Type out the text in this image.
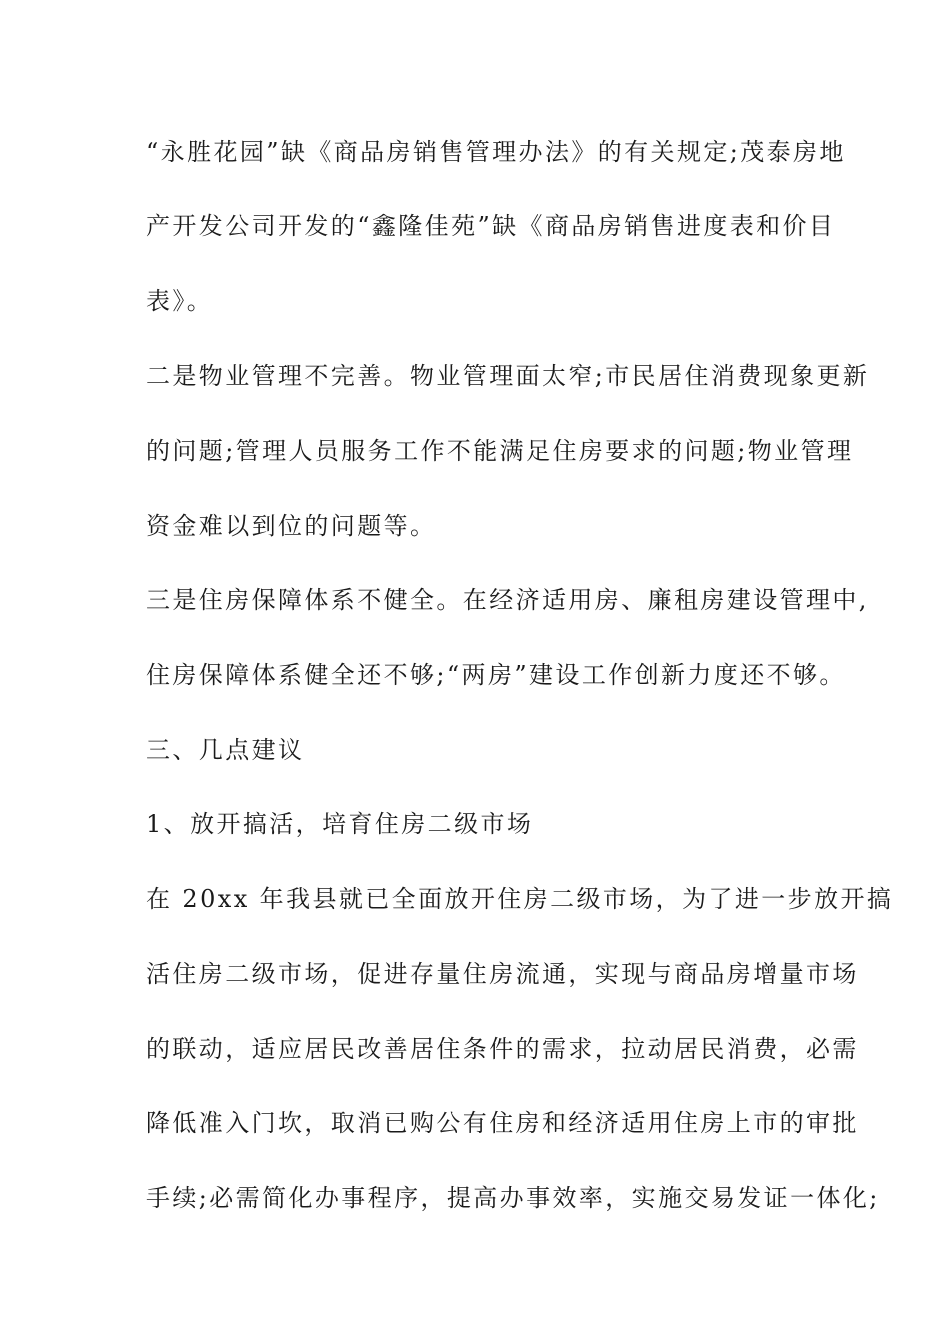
“永胜花园”缺《商品房销售管理办法》的有关规定;茂泰房地
产开发公司开发的“鑫隆佳苑”缺《商品房销售进度表和价目
表》。
二是物业管理不完善。物业管理面太窄;市民居住消费现象更新
的问题;管理人员服务工作不能满足住房要求的问题;物业管理
资金难以到位的问题等。
三是住房保障体系不健全。在经济适用房、廉租房建设管理中,
住房保障体系健全还不够;“两房”建设工作创新力度还不够。
三、几点建议
1、放开搞活，培育住房二级市场
在 20xx 年我县就已全面放开住房二级市场，为了进一步放开搞
活住房二级市场，促进存量住房流通，实现与商品房增量市场
的联动，适应居民改善居住条件的需求，拉动居民消费，必需
降低准入门坎，取消已购公有住房和经济适用住房上市的审批
手续;必需简化办事程序，提高办事效率，实施交易发证一体化;
